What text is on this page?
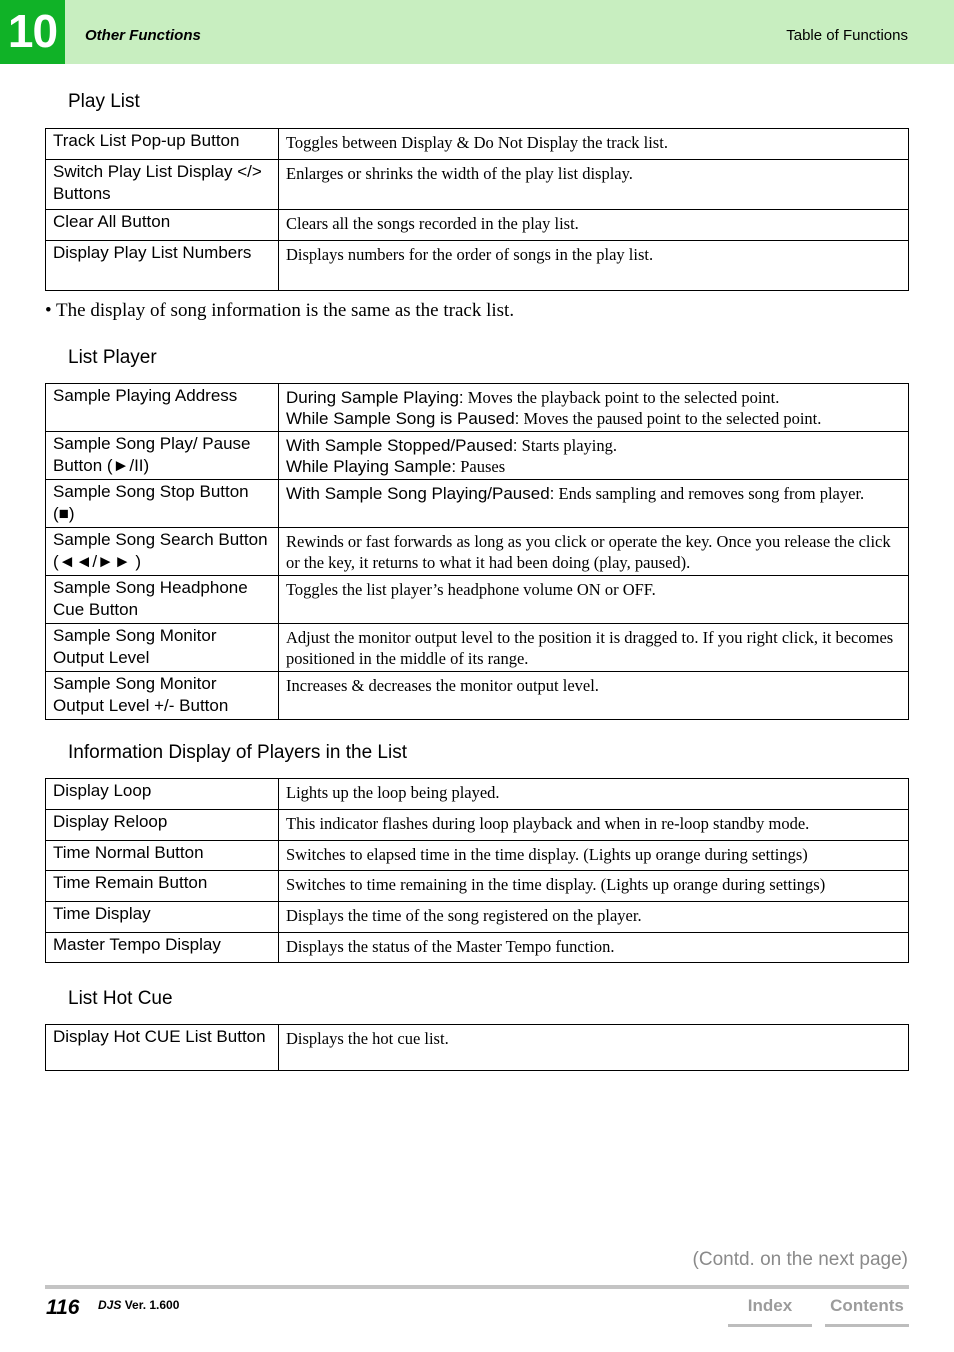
10	Other Functions	Table of Functions
Play List
Track List Pop-up Button	Toggles between Display & Do Not Display the track list.
Switch Play List Display </> Buttons	Enlarges or shrinks the width of the play list display.
Clear All Button	Clears all the songs recorded in the play list.
Display Play List Numbers	Displays numbers for the order of songs in the play list.
• The display of song information is the same as the track list.
List Player
Sample Playing Address	During Sample Playing: Moves the playback point to the selected point.
While Sample Song is Paused: Moves the paused point to the selected point.

Sample Song Play/ Pause Button (►/II)	With Sample Stopped/Paused: Starts playing.
While Playing Sample: Pauses

Sample Song Stop Button (■)	With Sample Song Playing/Paused: Ends sampling and removes song from player.

Sample Song Search Button (◄◄/►► )	Rewinds or fast forwards as long as you click or operate the key. Once you release the click or the key, it returns to what it had been doing (play, paused).
Sample Song Headphone Cue Button	Toggles the list player’s headphone volume ON or OFF.
Sample Song Monitor Output Level	Adjust the monitor output level to the position it is dragged to. If you right click, it becomes positioned in the middle of its range.
Sample Song Monitor Output Level +/- Button	Increases & decreases the monitor output level.
Information Display of Players in the List
Display Loop	Lights up the loop being played.
Display Reloop	This indicator flashes during loop playback and when in re-loop standby mode.
Time Normal Button	Switches to elapsed time in the time display. (Lights up orange during settings)
Time Remain Button	Switches to time remaining in the time display. (Lights up orange during settings)
Time Display	Displays the time of the song registered on the player.
Master Tempo Display	Displays the status of the Master Tempo function.
List Hot Cue
Display Hot CUE List Button	Displays the hot cue list.
(Contd. on the next page)
116 DJS Ver. 1.600	Index	Contents
